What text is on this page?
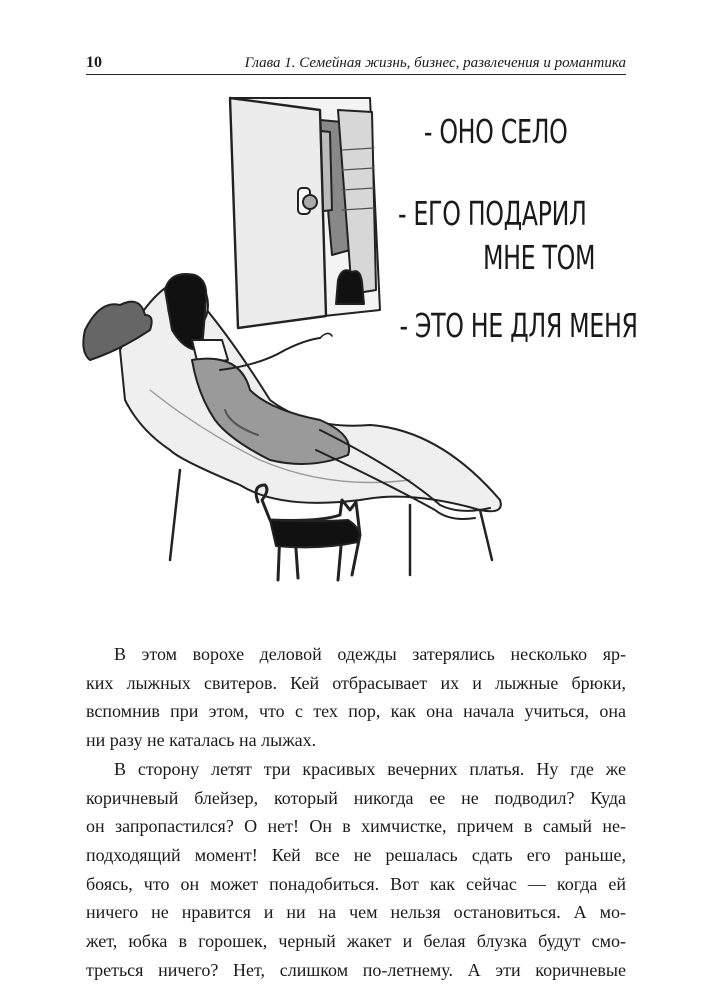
10	Глава 1. Семейная жизнь, бизнес, развлечения и романтика
- ОНО СЕЛО
- ЕГО ПОДАРИЛ
МНЕ ТОМ
- ЭТО НЕ ДЛЯ МЕНЯ

В этом ворохе деловой одежды затерялись несколько яр-
ких лыжных свитеров. Кей отбрасывает их и лыжные брюки,
вспомнив при этом, что с тех пор, как она начала учиться, она
ни разу не каталась на лыжах.

В сторону летят три красивых вечерних платья. Ну где же
коричневый блейзер, который никогда ее не подводил? Куда
он запропастился? О нет! Он в химчистке, причем в самый не-
подходящий момент! Кей все не решалась сдать его раньше,
боясь, что он может понадобиться. Вот как сейчас — когда ей
ничего не нравится и ни на чем нельзя остановиться. А мо-
жет, юбка в горошек, черный жакет и белая блузка будут смо-
треться ничего? Нет, слишком по-летнему. А эти коричневые
